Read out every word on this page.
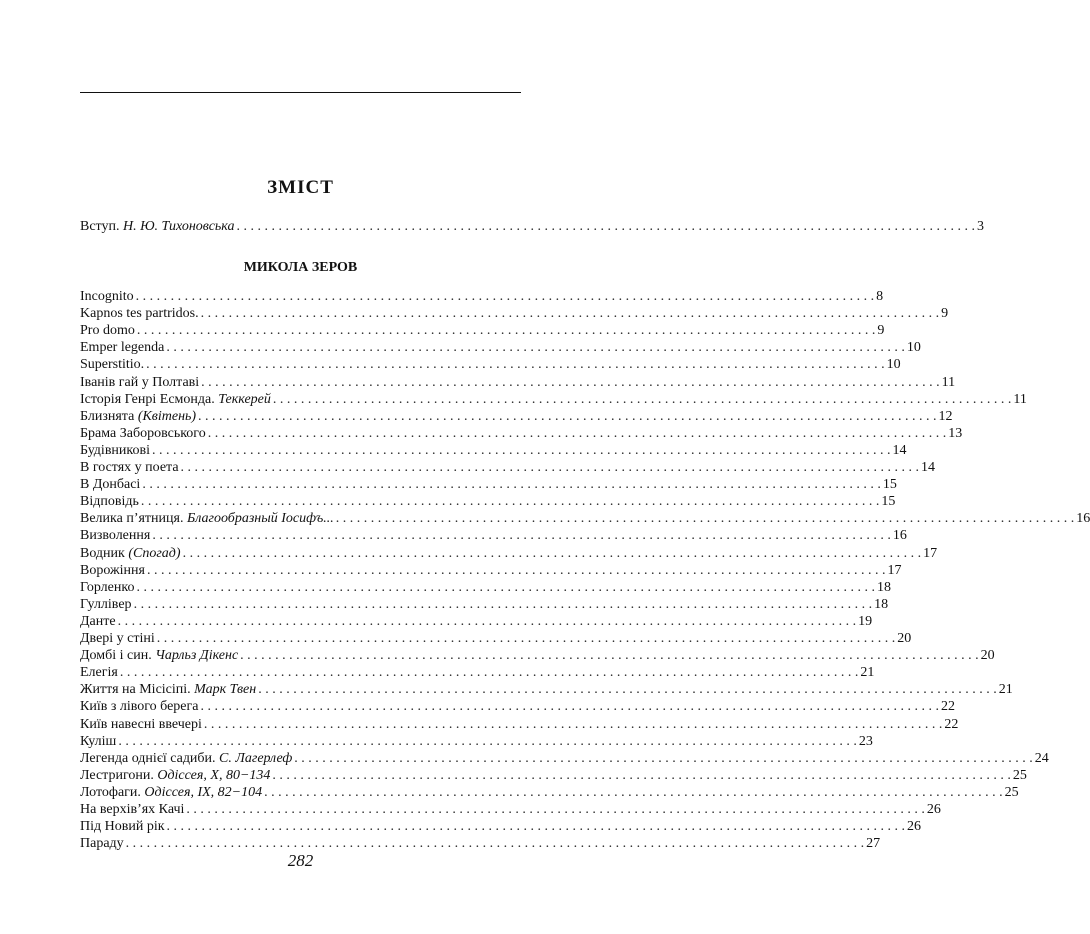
ЗМІСТ
Вступ. Н. Ю. Тихоновська . . .	3
МИКОЛА ЗЕРОВ
Incognito . . .	8
Kapnos tes partridos. . . .	9
Pro domo . . .	9
Emper legenda . . .	10
Superstitio. . . .	10
Іванів гай у Полтаві . . .	11
Історія Генрі Есмонда. Теккерей . . .	11
Близнята (Квітень) . . .	12
Брама Заборовського . . .	13
Будівникові . . .	14
В гостях у поета . . .	14
В Донбасі . . .	15
Відповідь . . .	15
Велика п’ятниця. Благообразный Іосифъ... . . .	16
Визволення . . .	16
Водник (Спогад) . . .	17
Ворожіння . . .	17
Горленко . . .	18
Гуллівер . . .	18
Данте . . .	19
Двері у стіні . . .	20
Домбі і син. Чарльз Дікенс . . .	20
Елегія . . .	21
Життя на Місісіпі. Марк Твен . . .	21
Київ з лівого берега . . .	22
Київ навесні ввечері . . .	22
Куліш . . .	23
Легенда однієї садиби. С. Лагерлеф . . .	24
Лестригони. Одіссея, X, 80−134 . . .	25
Лотофаги. Одіссея, IX, 82−104 . . .	25
На верхів’ях Качі . . .	26
Під Новий рік . . .	26
Параду . . .	27
282
